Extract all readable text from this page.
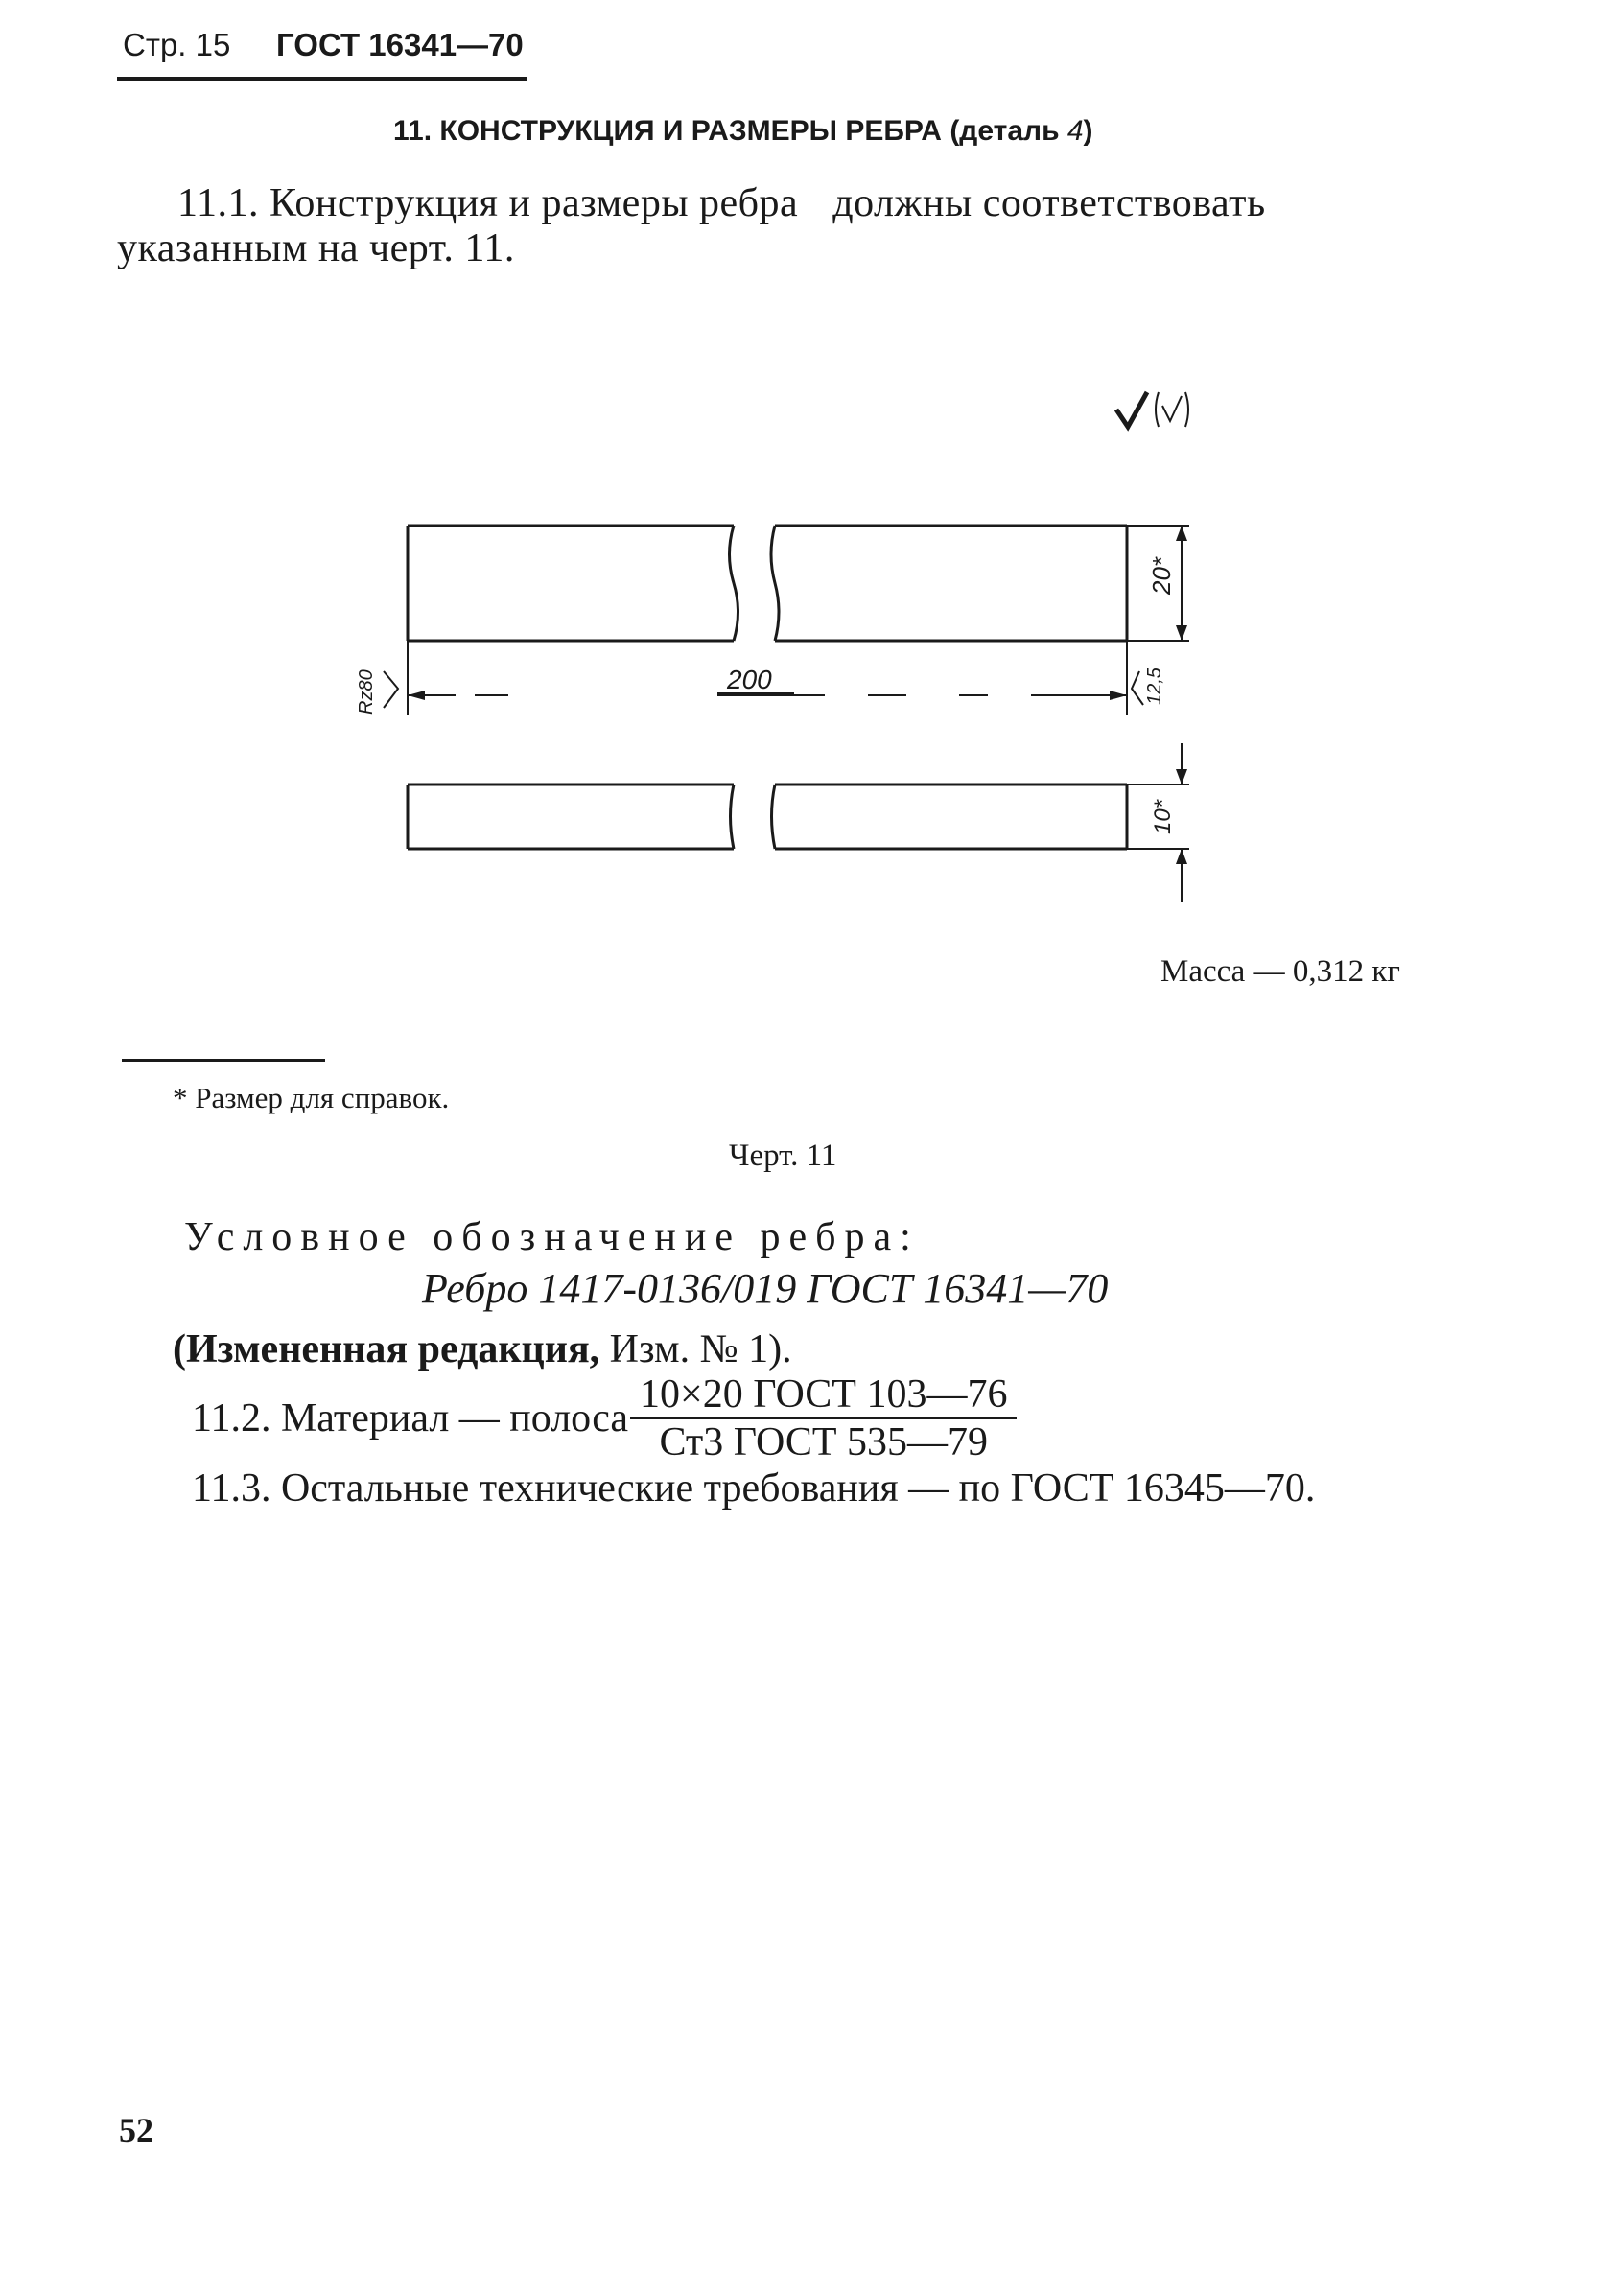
Стр. 15 ГОСТ 16341—70
11. КОНСТРУКЦИЯ И РАЗМЕРЫ РЕБРА (деталь 4)
11.1. Конструкция и размеры ребра должны соответствовать
указанным на черт. 11.
20*
200
10*
Rz80	12,5
Масса — 0,312 кг
* Размер для справок.
Черт. 11
Условное обозначение ребра:
Ребро 1417-0136/019 ГОСТ 16341—70
(Измененная редакция, Изм. № 1).
11.2. Материал — полоса $\frac{\text{10×20 ГОСТ 103—76}}{\text{Ст3 ГОСТ 535—79}}$
11.3. Остальные технические требования — по ГОСТ 16345—70.
52
